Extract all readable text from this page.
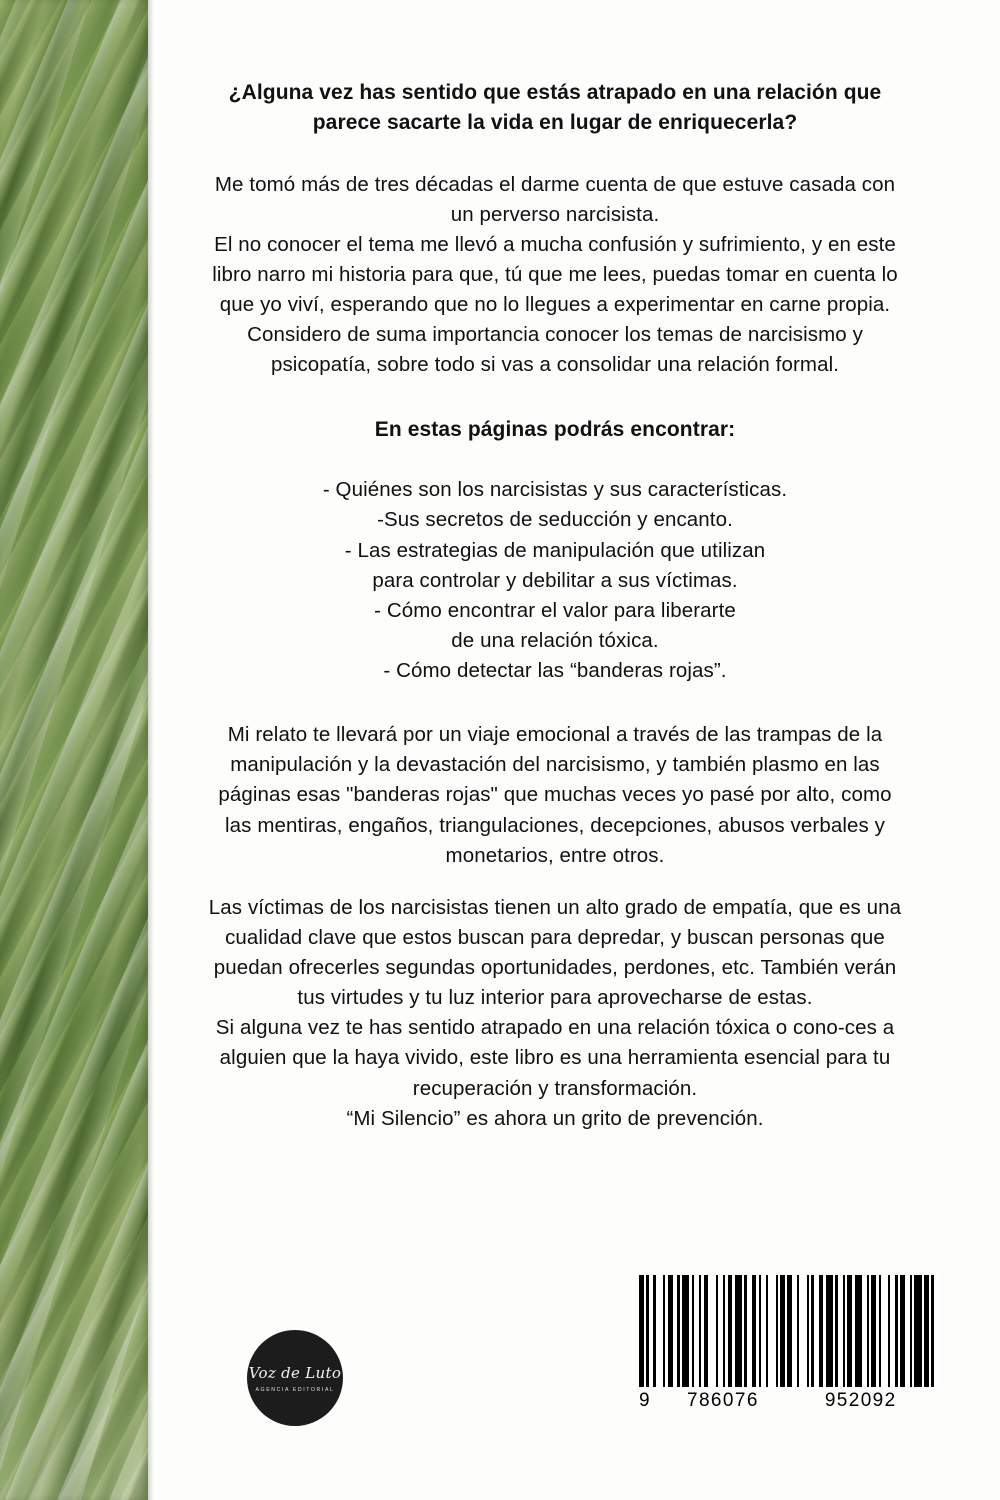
¿Alguna vez has sentido que estás atrapado en una relación que parece sacarte la vida en lugar de enriquecerla?

Me tomó más de tres décadas el darme cuenta de que estuve casada con un perverso narcisista.

El no conocer el tema me llevó a mucha confusión y sufrimiento, y en este libro narro mi historia para que, tú que me lees, puedas tomar en cuenta lo que yo viví, esperando que no lo llegues a experimentar en carne propia.

Considero de suma importancia conocer los temas de narcisismo y psicopatía, sobre todo si vas a consolidar una relación formal.

En estas páginas podrás encontrar:

- Quiénes son los narcisistas y sus características.

-Sus secretos de seducción y encanto.

- Las estrategias de manipulación que utilizan

para controlar y debilitar a sus víctimas.

- Cómo encontrar el valor para liberarte

de una relación tóxica.

- Cómo detectar las “banderas rojas”.

Mi relato te llevará por un viaje emocional a través de las trampas de la manipulación y la devastación del narcisismo, y también plasmo en las páginas esas "banderas rojas" que muchas veces yo pasé por alto, como las mentiras, engaños, triangulaciones, decepciones, abusos verbales y monetarios, entre otros.

Las víctimas de los narcisistas tienen un alto grado de empatía, que es una cualidad clave que estos buscan para depredar, y buscan personas que puedan ofrecerles segundas oportunidades, perdones, etc. También verán tus virtudes y tu luz interior para aprovecharse de estas.

Si alguna vez te has sentido atrapado en una relación tóxica o cono-ces a alguien que la haya vivido, este libro es una herramienta esencial para tu recuperación y transformación.

“Mi Silencio” es ahora un grito de prevención.

Voz de Luto
AGENCIA EDITORIAL
9	786076	952092
